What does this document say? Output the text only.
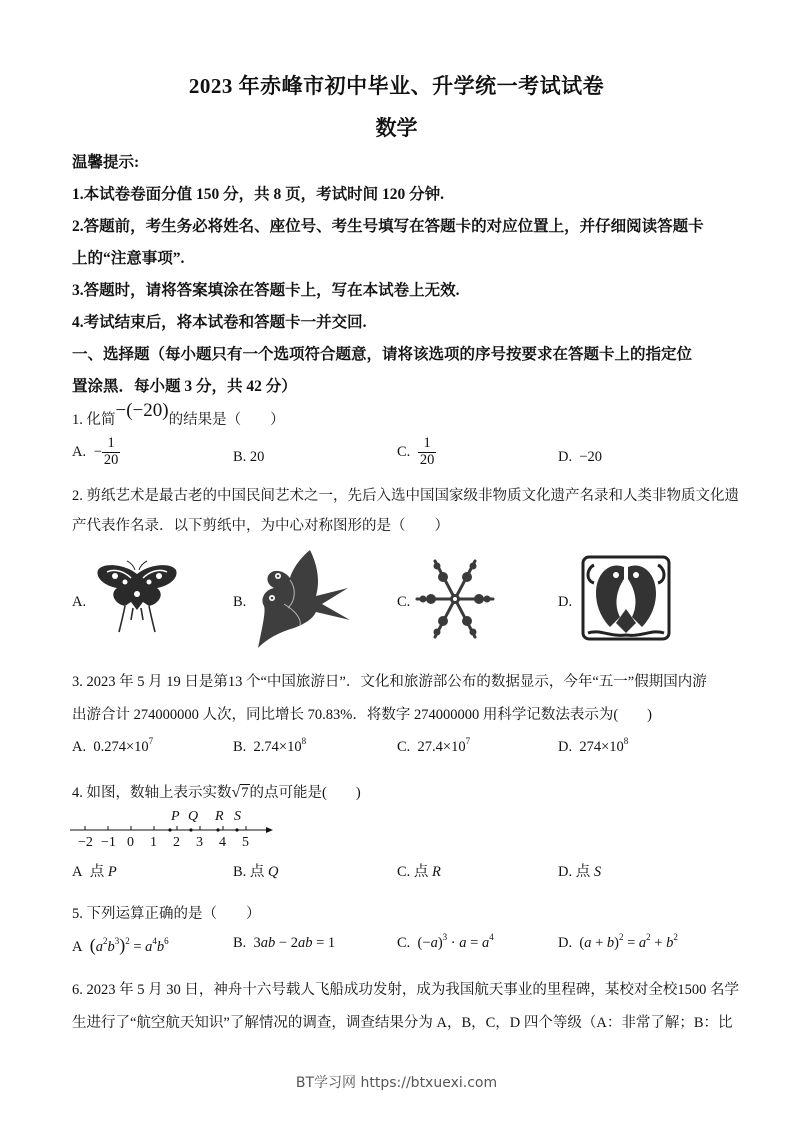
2023 年赤峰市初中毕业、升学统一考试试卷
数学
温馨提示:
1.本试卷卷面分值 150 分，共 8 页，考试时间 120 分钟.
2.答题前，考生务必将姓名、座位号、考生号填写在答题卡的对应位置上，并仔细阅读答题卡
上的“注意事项”.
3.答题时，请将答案填涂在答题卡上，写在本试卷上无效.
4.考试结束后，将本试卷和答题卡一并交回.
一、选择题（每小题只有一个选项符合题意，请将该选项的序号按要求在答题卡上的指定位
置涂黑．每小题 3 分，共 42 分）
1. 化简−(−20)的结果是（　　）
A. − $\frac{1}{20}$	B. 20	C. $\frac{1}{20}$	D. −20
2. 剪纸艺术是最古老的中国民间艺术之一，先后入选中国国家级非物质文化遗产名录和人类非物质文化遗
产代表作名录．以下剪纸中，为中心对称图形的是（　　）
A.	B.	C.	D.
3. 2023 年 5 月 19 日是第13 个“中国旅游日”．文化和旅游部公布的数据显示，今年“五一”假期国内游
出游合计 274000000 人次，同比增长 70.83%．将数字 274000000 用科学记数法表示为(　　)
A. $0.274\times 10^7$	B. $2.74\times 10^8$	C. $27.4\times 10^7$	D. $274\times 10^8$
4. 如图，数轴上表示实数√7的点可能是(　　)
−2 −1 0 1 2 3 4 5
P Q R S
A 点 P	B. 点 Q	C. 点 R	D. 点 S
5. 下列运算正确的是（　　）
A $(a^2b^3)^2 = a^4b^6$	B.  3ab − 2ab = 1	C.  $(-a)^3 \cdot a = a^4$	D.  $(a + b)^2 = a^2 + b^2$
6. 2023 年 5 月 30 日，神舟十六号载人飞船成功发射，成为我国航天事业的里程碑，某校对全校1500 名学
生进行了“航空航天知识”了解情况的调查，调查结果分为 A，B，C，D 四个等级（A：非常了解；B：比
BT学习网 https://btxuexi.com
